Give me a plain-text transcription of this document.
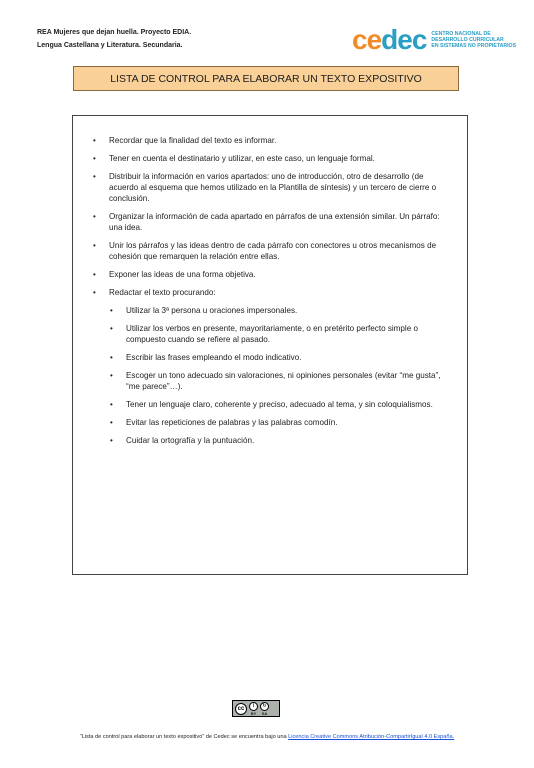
REA Mujeres que dejan huella. Proyecto EDIA.
Lengua Castellana y Literatura. Secundaria.	cedec CENTRO NACIONAL DE
DESARROLLO CURRICULAR
EN SISTEMAS NO PROPIETARIOS
LISTA DE CONTROL PARA ELABORAR UN TEXTO EXPOSITIVO
• Recordar que la finalidad del texto es informar.
• Tener en cuenta el destinatario y utilizar, en este caso, un lenguaje formal.
• Distribuir la información en varios apartados: uno de introducción, otro de desarrollo (de acuerdo al esquema que hemos utilizado en la Plantilla de síntesis) y un tercero de cierre o conclusión.
• Organizar la información de cada apartado en párrafos de una extensión similar. Un párrafo: una idea.
• Unir los párrafos y las ideas dentro de cada párrafo con conectores u otros mecanismos de cohesión que remarquen la relación entre ellas.
• Exponer las ideas de una forma objetiva.
• Redactar el texto procurando:
• Utilizar la 3ª persona u oraciones impersonales.
• Utilizar los verbos en presente, mayoritariamente, o en pretérito perfecto simple o compuesto cuando se refiere al pasado.
• Escribir las frases empleando el modo indicativo.
• Escoger un tono adecuado sin valoraciones, ni opiniones personales (evitar “me gusta”, “me parece”…).
• Tener un lenguaje claro, coherente y preciso, adecuado al tema, y sin coloquialismos.
• Evitar las repeticiones de palabras y las palabras comodín.
• Cuidar la ortografía y la puntuación.
cc	i
BY
↻
SA
“Lista de control para elaborar un texto expositivo” de Cedec se encuentra bajo una Licencia Creative Commons Atribución-CompartirIgual 4.0 España.
